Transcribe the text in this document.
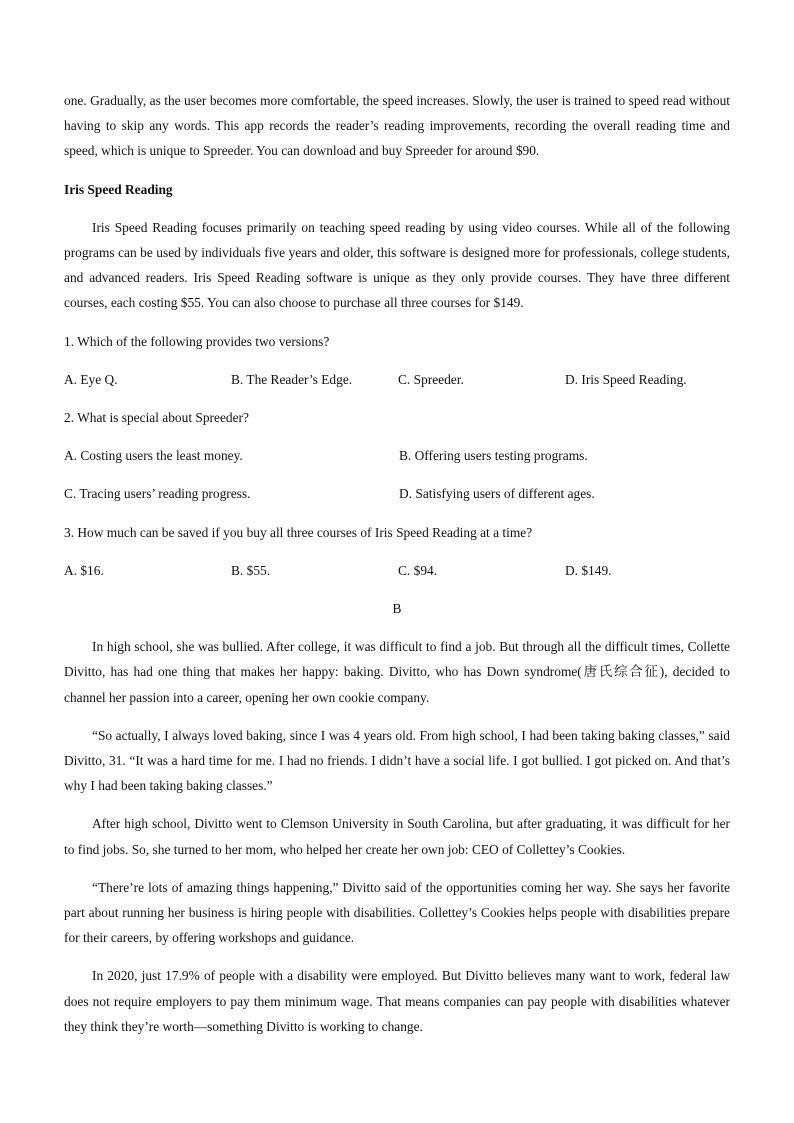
one. Gradually, as the user becomes more comfortable, the speed increases. Slowly, the user is trained to speed read without having to skip any words. This app records the reader’s reading improvements, recording the overall reading time and speed, which is unique to Spreeder. You can download and buy Spreeder for around $90.

Iris Speed Reading

Iris Speed Reading focuses primarily on teaching speed reading by using video courses. While all of the following programs can be used by individuals five years and older, this software is designed more for professionals, college students, and advanced readers. Iris Speed Reading software is unique as they only provide courses. They have three different courses, each costing $55. You can also choose to purchase all three courses for $149.

1. Which of the following provides two versions?

A. Eye Q.	B. The Reader’s Edge.	C. Spreeder.	D. Iris Speed Reading.

2. What is special about Spreeder?

A. Costing users the least money.	B. Offering users testing programs.
C. Tracing users’ reading progress.	D. Satisfying users of different ages.

3. How much can be saved if you buy all three courses of Iris Speed Reading at a time?

A. $16.	B. $55.	C. $94.	D. $149.

B

In high school, she was bullied. After college, it was difficult to find a job. But through all the difficult times, Collette Divitto, has had one thing that makes her happy: baking. Divitto, who has Down syndrome(唐氏综合征), decided to channel her passion into a career, opening her own cookie company.

“So actually, I always loved baking, since I was 4 years old. From high school, I had been taking baking classes,” said Divitto, 31. “It was a hard time for me. I had no friends. I didn’t have a social life. I got bullied. I got picked on. And that’s why I had been taking baking classes.”

After high school, Divitto went to Clemson University in South Carolina, but after graduating, it was difficult for her to find jobs. So, she turned to her mom, who helped her create her own job: CEO of Collettey’s Cookies.

“There’re lots of amazing things happening,” Divitto said of the opportunities coming her way. She says her favorite part about running her business is hiring people with disabilities. Collettey’s Cookies helps people with disabilities prepare for their careers, by offering workshops and guidance.

In 2020, just 17.9% of people with a disability were employed. But Divitto believes many want to work, federal law does not require employers to pay them minimum wage. That means companies can pay people with disabilities whatever they think they’re worth—something Divitto is working to change.
